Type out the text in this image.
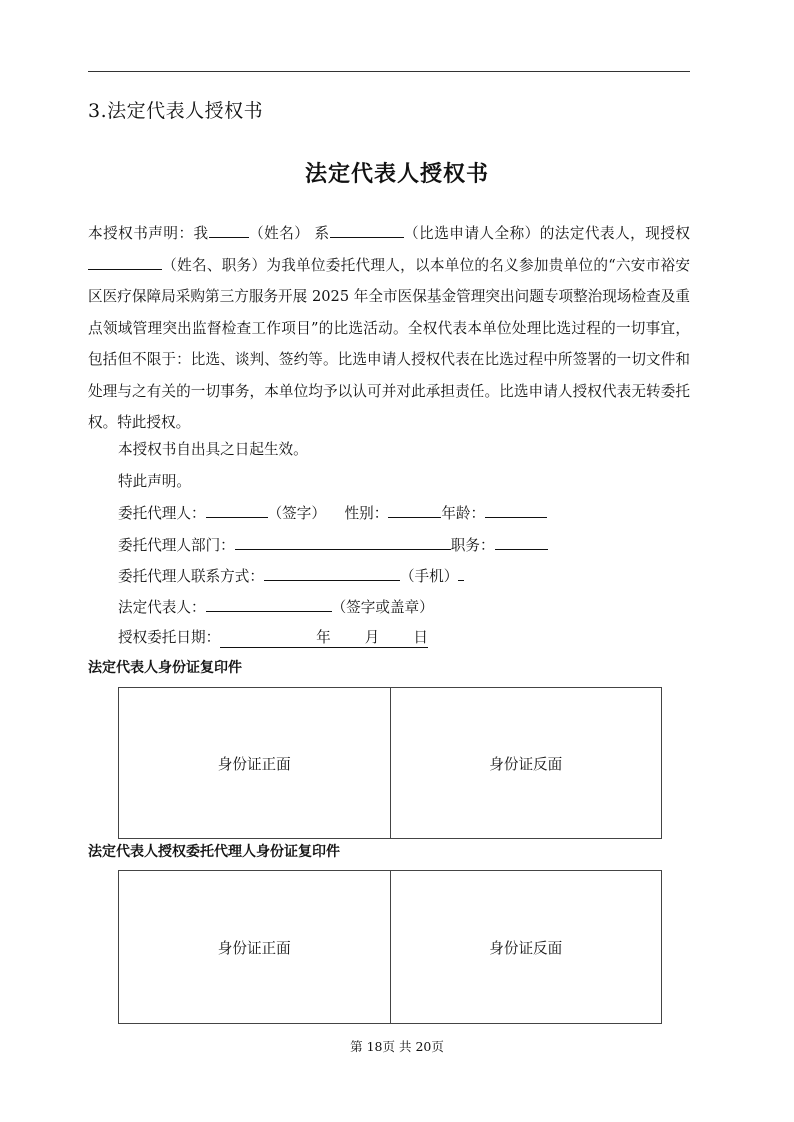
3.法定代表人授权书
法定代表人授权书
本授权书声明：我	（姓名） 系	（比选申请人全称）的法定代表人，现授权（姓名、职务）为我单位委托代理人，以本单位的名义参加贵单位的“六安市裕安区医疗保障局采购第三方服务开展 2025 年全市医保基金管理突出问题专项整治现场检查及重点领域管理突出监督检查工作项目”的比选活动。全权代表本单位处理比选过程的一切事宜，包括但不限于：比选、谈判、签约等。比选申请人授权代表在比选过程中所签署的一切文件和处理与之有关的一切事务，本单位均予以认可并对此承担责任。比选申请人授权代表无转委托权。特此授权。
本授权书自出具之日起生效。
特此声明。
委托代理人：	（签字） 性别：	年龄：
委托代理人部门：	职务：
委托代理人联系方式：	（手机）
法定代表人：	（签字或盖章）
授权委托日期：	年 月 日
法定代表人身份证复印件
身份证正面	身份证反面
法定代表人授权委托代理人身份证复印件
身份证正面	身份证反面
第 18页 共 20页
